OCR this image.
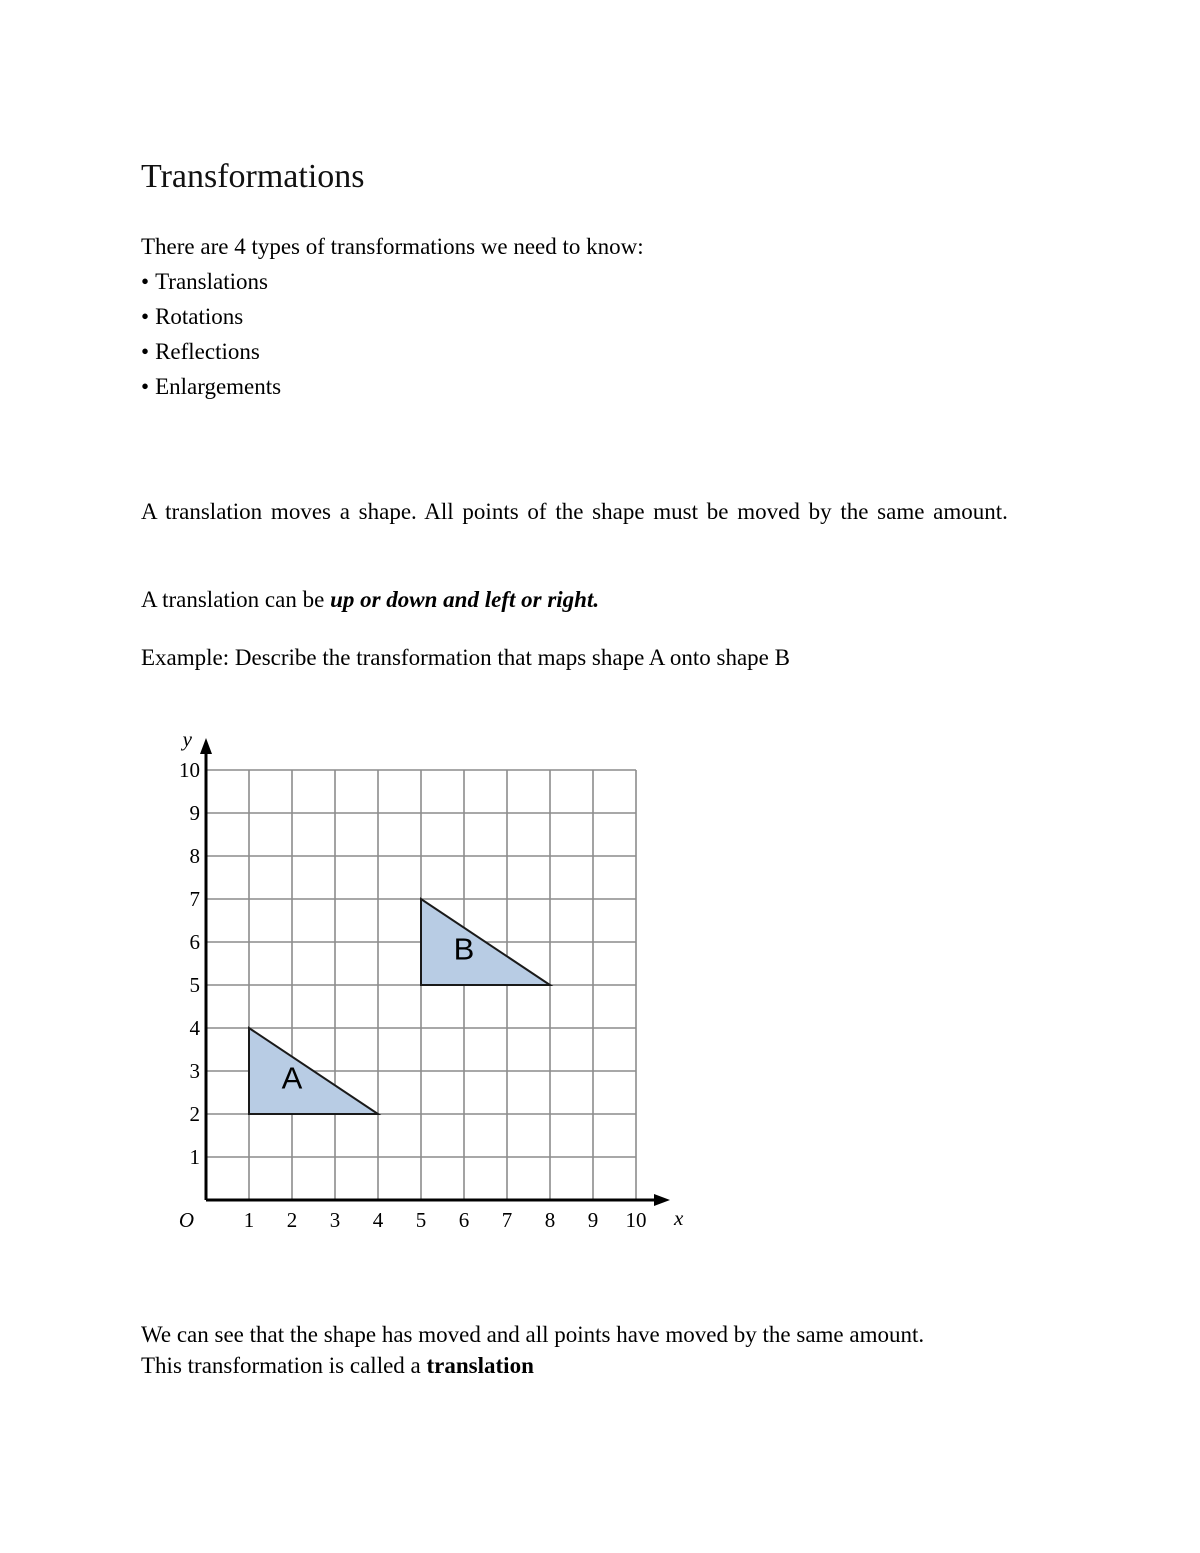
Transformations

There are 4 types of transformations we need to know:

• Translations
• Rotations
• Reflections
• Enlargements

A translation moves a shape. All points of the shape must be moved by the same amount.

A translation can be up or down and left or right.

Example: Describe the transformation that maps shape A onto shape B

A
B
1 2 3 4 5 6 7 8 9 10
1
2
3
4
5
6
7
8
9
10
x
y
O

We can see that the shape has moved and all points have moved by the same amount.

This transformation is called a translation
